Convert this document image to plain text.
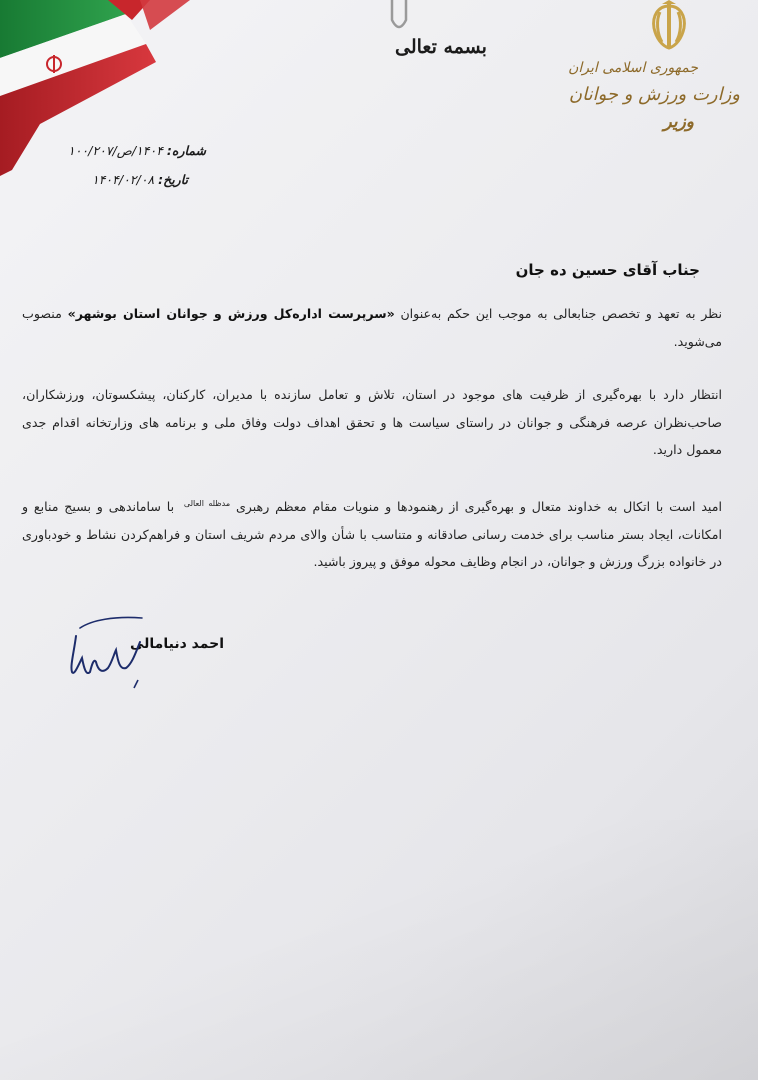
جمهوری اسلامی ایران
وزارت ورزش و جوانان
وزیر
بسمه تعالی
شماره: ۱۴۰۴/ص/۱۰۰/۲۰۷
تاریخ: ۱۴۰۴/۰۲/۰۸
جناب آقای حسین ده جان
نظر به تعهد و تخصص جنابعالی به موجب این حکم به‌عنوان «سرپرست اداره‌کل ورزش و جوانان استان بوشهر» منصوب می‌شوید.
انتظار دارد با بهره‌گیری از ظرفیت های موجود در استان، تلاش و تعامل سازنده با مدیران، کارکنان، پیشکسوتان، ورزشکاران، صاحب‌نظران عرصه فرهنگی و جوانان در راستای سیاست ها و تحقق اهداف دولت وفاق ملی و برنامه های وزارتخانه اقدام جدی معمول دارید.
امید است با اتکال به خداوند متعال و بهره‌گیری از رهنمودها و منویات مقام معظم رهبری $^{مدظله العالی}$ با ساماندهی و بسیج منابع و امکانات، ایجاد بستر مناسب برای خدمت رسانی صادقانه و متناسب با شأن والای مردم شریف استان و فراهم‌کردن نشاط و خودباوری در خانواده بزرگ ورزش و جوانان، در انجام وظایف محوله موفق و پیروز باشید.
احمد دنیامالی
